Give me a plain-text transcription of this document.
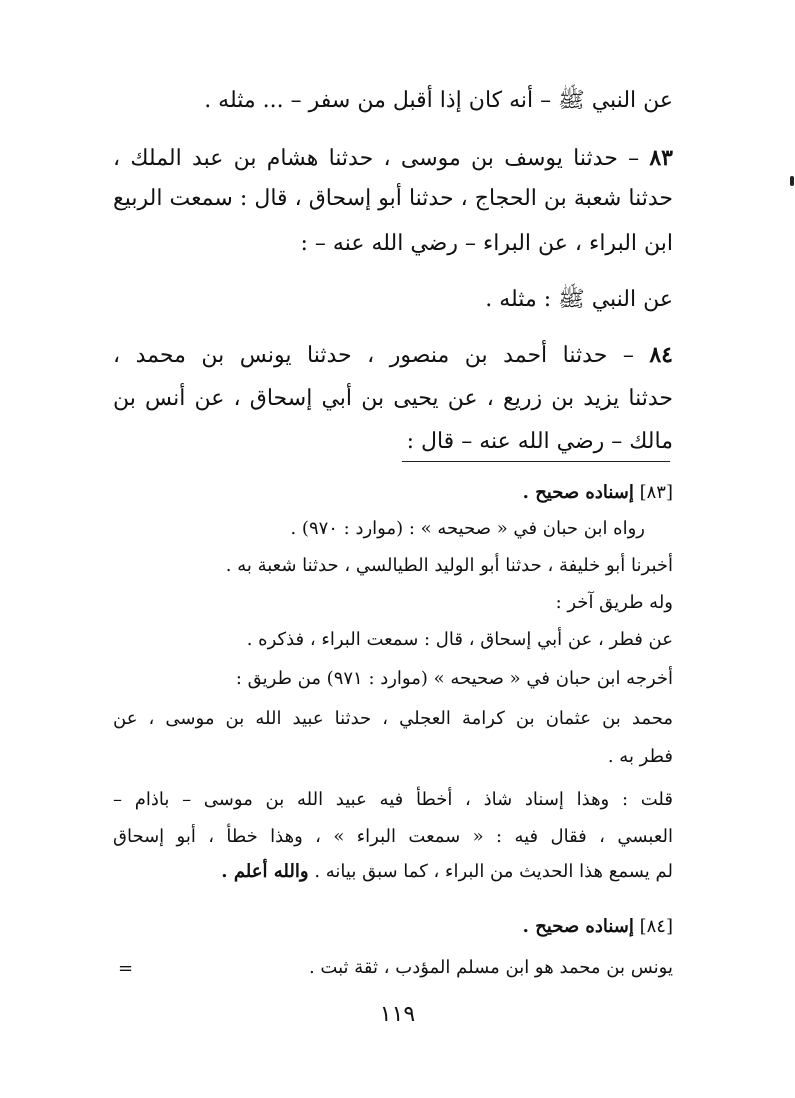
عن النبي ﷺ – أنه كان إذا أقبل من سفر – ... مثله .
٨٣ – حدثنا يوسف بن موسى ، حدثنا هشام بن عبد الملك ،
حدثنا شعبة بن الحجاج ، حدثنا أبو إسحاق ، قال : سمعت الربيع
ابن البراء ، عن البراء – رضي الله عنه – :
عن النبي ﷺ : مثله .
٨٤ – حدثنا أحمد بن منصور ، حدثنا يونس بن محمد ،
حدثنا يزيد بن زريع ، عن يحيى بن أبي إسحاق ، عن أنس بن
مالك – رضي الله عنه – قال :
[٨٣] إسناده صحيح .
رواه ابن حبان في « صحيحه » : (موارد : ٩٧٠) .
أخبرنا أبو خليفة ، حدثنا أبو الوليد الطيالسي ، حدثنا شعبة به .
وله طريق آخر :
عن فطر ، عن أبي إسحاق ، قال : سمعت البراء ، فذكره .
أخرجه ابن حبان في « صحيحه » (موارد : ٩٧١) من طريق :
محمد بن عثمان بن كرامة العجلي ، حدثنا عبيد الله بن موسى ، عن
فطر به .
قلت : وهذا إسناد شاذ ، أخطأ فيه عبيد الله بن موسى – باذام –
العبسي ، فقال فيه : « سمعت البراء » ، وهذا خطأ ، أبو إسحاق
لم يسمع هذا الحديث من البراء ، كما سبق بيانه . والله أعلم .
[٨٤] إسناده صحيح .
يونس بن محمد هو ابن مسلم المؤدب ، ثقة ثبت .
=
١١٩
